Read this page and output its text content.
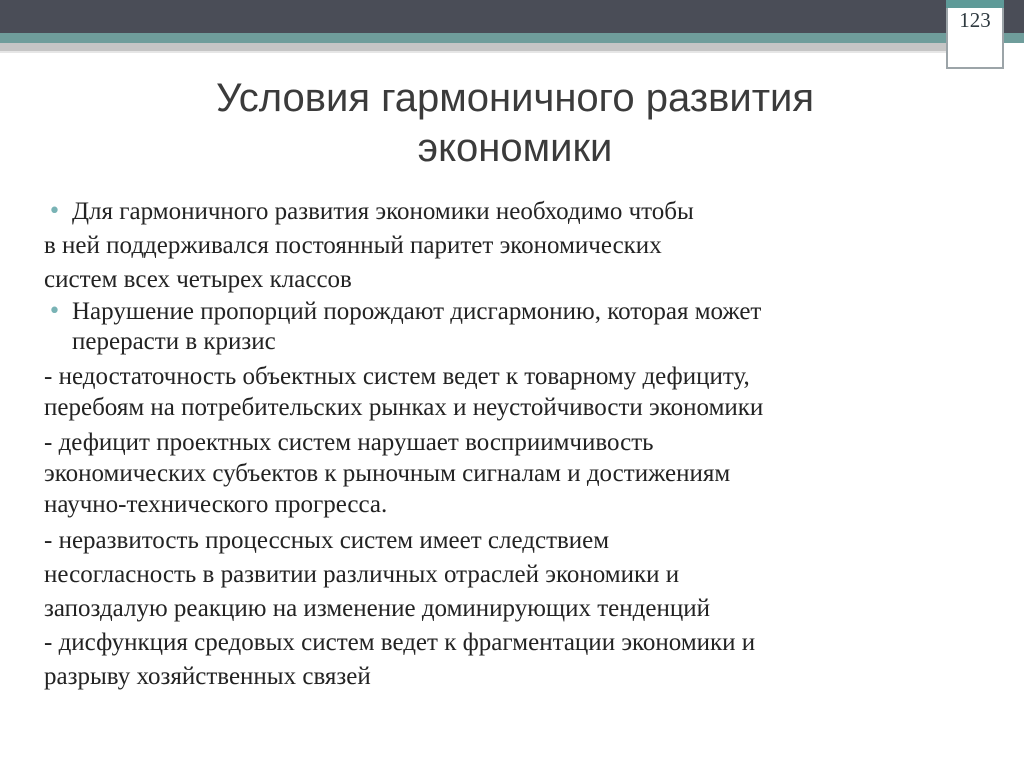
123
Условия гармоничного развития
экономики
• Для гармоничного развития экономики необходимо чтобы
в ней поддерживался постоянный паритет экономических
систем всех четырех классов
• Нарушение пропорций порождают дисгармонию, которая может
перерасти в кризис
- недостаточность объектных систем ведет к товарному дефициту,
перебоям на потребительских рынках и неустойчивости экономики
- дефицит проектных систем нарушает восприимчивость
экономических субъектов к рыночным сигналам и достижениям
научно-технического прогресса.
- неразвитость процессных систем имеет следствием
несогласность в развитии различных отраслей экономики и
запоздалую реакцию на изменение доминирующих тенденций
- дисфункция средовых систем ведет к фрагментации экономики и
разрыву хозяйственных связей
